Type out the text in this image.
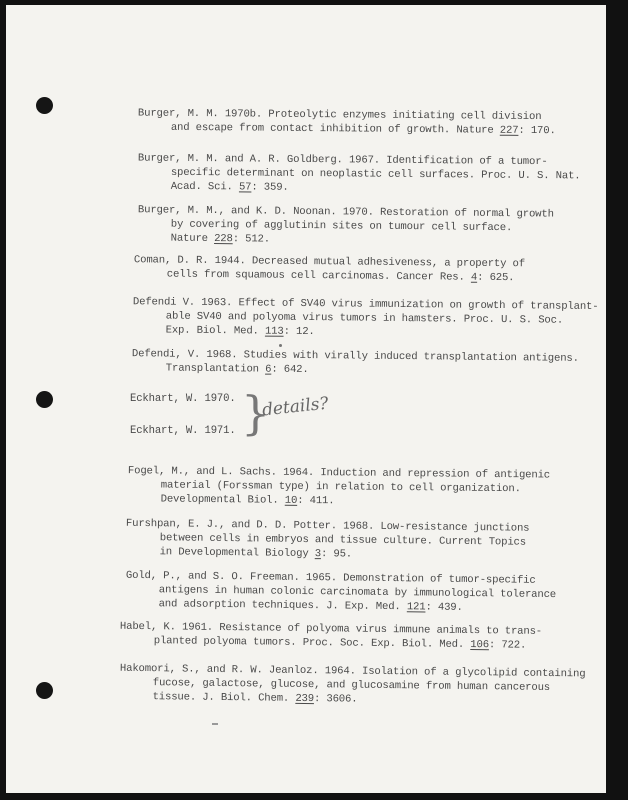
Burger, M. M. 1970b. Proteolytic enzymes initiating cell division
and escape from contact inhibition of growth. Nature 227: 170.
Burger, M. M. and A. R. Goldberg. 1967. Identification of a tumor-
specific determinant on neoplastic cell surfaces. Proc. U. S. Nat.
Acad. Sci. 57: 359.
Burger, M. M., and K. D. Noonan. 1970. Restoration of normal growth
by covering of agglutinin sites on tumour cell surface.
Nature 228: 512.
Coman, D. R. 1944. Decreased mutual adhesiveness, a property of
cells from squamous cell carcinomas. Cancer Res. 4: 625.
Defendi V. 1963. Effect of SV40 virus immunization on growth of transplant-
able SV40 and polyoma virus tumors in hamsters. Proc. U. S. Soc.
Exp. Biol. Med. 113: 12.
Defendi, V. 1968. Studies with virally induced transplantation antigens.
Transplantation 6: 642.
Eckhart, W. 1970.
Eckhart, W. 1971. }
details?
Fogel, M., and L. Sachs. 1964. Induction and repression of antigenic
material (Forssman type) in relation to cell organization.
Developmental Biol. 10: 411.
Furshpan, E. J., and D. D. Potter. 1968. Low-resistance junctions
between cells in embryos and tissue culture. Current Topics
in Developmental Biology 3: 95.
Gold, P., and S. O. Freeman. 1965. Demonstration of tumor-specific
antigens in human colonic carcinomata by immunological tolerance
and adsorption techniques. J. Exp. Med. 121: 439.
Habel, K. 1961. Resistance of polyoma virus immune animals to trans-
planted polyoma tumors. Proc. Soc. Exp. Biol. Med. 106: 722.
Hakomori, S., and R. W. Jeanloz. 1964. Isolation of a glycolipid containing
fucose, galactose, glucose, and glucosamine from human cancerous
tissue. J. Biol. Chem. 239: 3606.
